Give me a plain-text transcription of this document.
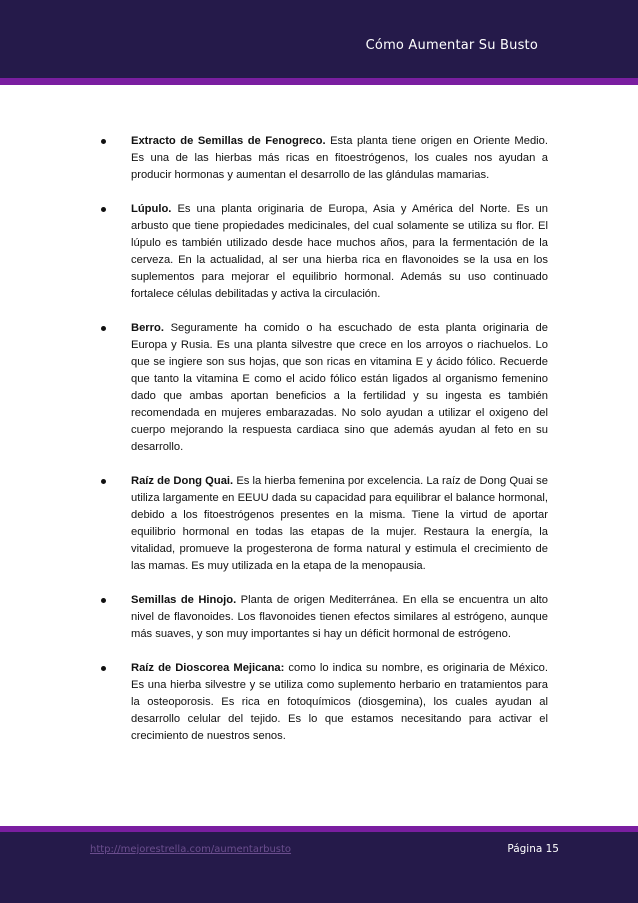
Cómo Aumentar Su Busto
Extracto de Semillas de Fenogreco. Esta planta tiene origen en Oriente Medio. Es una de las hierbas más ricas en fitoestrógenos, los cuales nos ayudan a producir hormonas y aumentan el desarrollo de las glándulas mamarias.
Lúpulo. Es una planta originaria de Europa, Asia y América del Norte. Es un arbusto que tiene propiedades medicinales, del cual solamente se utiliza su flor. El lúpulo es también utilizado desde hace muchos años, para la fermentación de la cerveza. En la actualidad, al ser una hierba rica en flavonoides se la usa en los suplementos para mejorar el equilibrio hormonal. Además su uso continuado fortalece células debilitadas y activa la circulación.
Berro. Seguramente ha comido o ha escuchado de esta planta originaria de Europa y Rusia. Es una planta silvestre que crece en los arroyos o riachuelos. Lo que se ingiere son sus hojas, que son ricas en vitamina E y ácido fólico. Recuerde que tanto la vitamina E como el acido fólico están ligados al organismo femenino dado que ambas aportan beneficios a la fertilidad y su ingesta es también recomendada en mujeres embarazadas. No solo ayudan a utilizar el oxigeno del cuerpo mejorando la respuesta cardiaca sino que además ayudan al feto en su desarrollo.
Raíz de Dong Quai. Es la hierba femenina por excelencia. La raíz de Dong Quai se utiliza largamente en EEUU dada su capacidad para equilibrar el balance hormonal, debido a los fitoestrógenos presentes en la misma. Tiene la virtud de aportar equilibrio hormonal en todas las etapas de la mujer. Restaura la energía, la vitalidad, promueve la progesterona de forma natural y estimula el crecimiento de las mamas. Es muy utilizada en la etapa de la menopausia.
Semillas de Hinojo. Planta de origen Mediterránea. En ella se encuentra un alto nivel de flavonoides. Los flavonoides tienen efectos similares al estrógeno, aunque más suaves, y son muy importantes si hay un déficit hormonal de estrógeno.
Raíz de Dioscorea Mejicana: como lo indica su nombre, es originaria de México. Es una hierba silvestre y se utiliza como suplemento herbario en tratamientos para la osteoporosis. Es rica en fotoquímicos (diosgemina), los cuales ayudan al desarrollo celular del tejido. Es lo que estamos necesitando para activar el crecimiento de nuestros senos.
http://mejorestrella.com/aumentarbusto	Página 15
